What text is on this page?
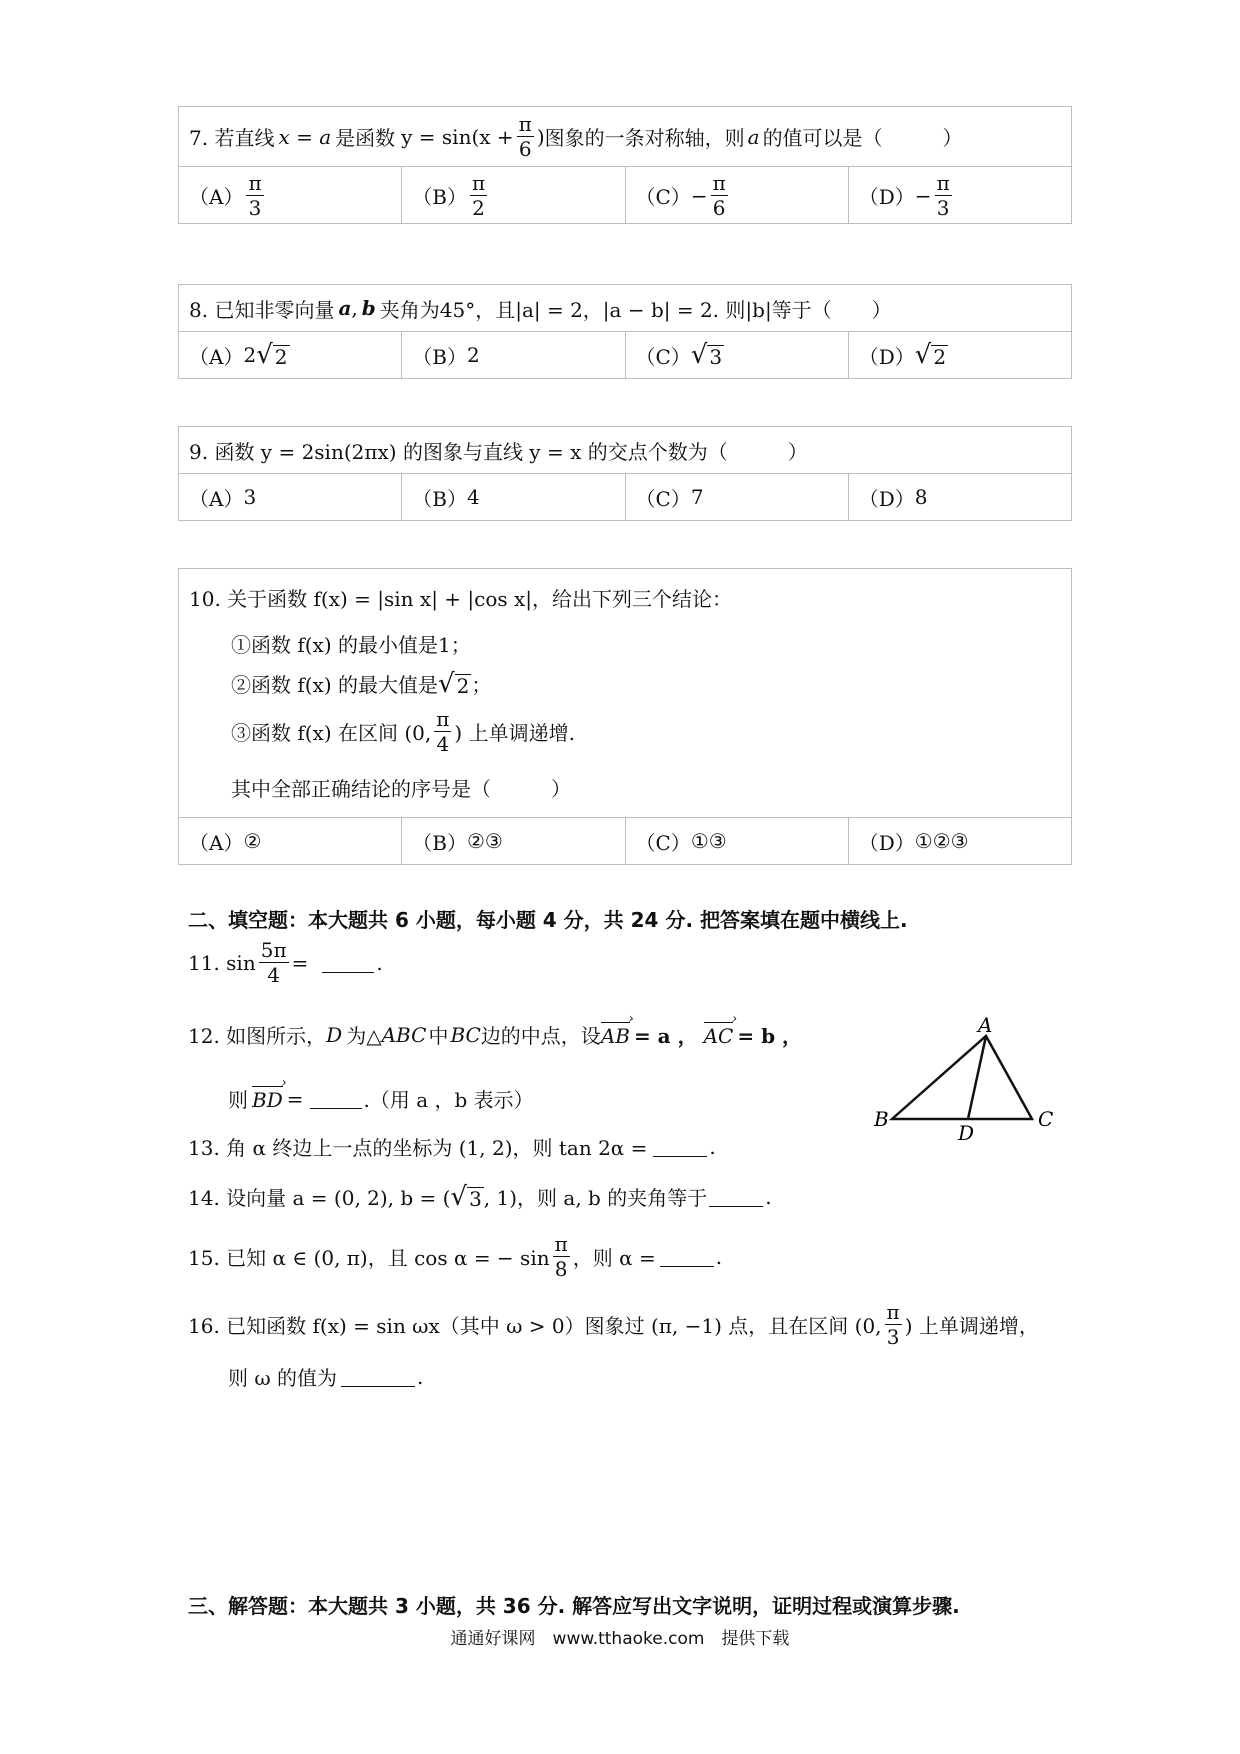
7. 若直线 x = a 是函数 $y = \sin(x + \frac{\pi}{6}$ ) 图象的一条对称轴，则 a 的值可以是（　　　）
$(A) \frac{\pi}{3}$	$(B) \frac{\pi}{2}$	$(C) - \frac{\pi}{6}$	$(D) - \frac{\pi}{3}$
8. 已知非零向量 a , b 夹角为45°，且|a| = 2，|a − b| = 2. 则|b|等于（　　）
（A） 2 √ 2	（B） 2	（C） √ 3	（D） √ 2
9. 函数 y = 2sin(2πx) 的图象与直线 y = x 的交点个数为（　　　）
（A） 3	（B） 4	（C） 7	（D） 8
10. 关于函数 f(x) = |sin x| + |cos x|，给出下列三个结论：
①函数 f(x) 的最小值是1；
②函数 f(x) 的最大值是 √ 2 ；
③函数 f(x) 在区间 (0, $\frac{\pi}{4}$ ) 上单调递增.
其中全部正确结论的序号是（　　　）
（A） ②	（B） ②③	（C） ①③	（D） ①②③
二、填空题：本大题共 6 小题，每小题 4 分，共 24 分. 把答案填在题中横线上.
11. $\sin \frac{5\pi}{4}$ =	.
12. 如图所示， D 为△ ABC 中 BC 边的中点，设 AB › = a ， AC › = b ，
则 BD › =	.（用 a ，b 表示）
A
B	C
D
13. 角 α 终边上一点的坐标为 (1, 2)，则 tan 2α =	.
14. 设向量 a = (0, 2), b = ( √ 3 , 1)，则 a, b 的夹角等于	.
15. 已知 α ∈ (0, π)，且 cos α = − $\sin \frac{\pi}{8}$ ，则 α =	.
16. 已知函数 f(x) = sin ωx（其中 ω > 0）图象过 (π, −1) 点，且在区间 (0, $\frac{\pi}{3}$ ) 上单调递增，
则 ω 的值为	.
三、解答题：本大题共 3 小题，共 36 分. 解答应写出文字说明，证明过程或演算步骤.
通通好课网　www.tthaoke.com　提供下载
